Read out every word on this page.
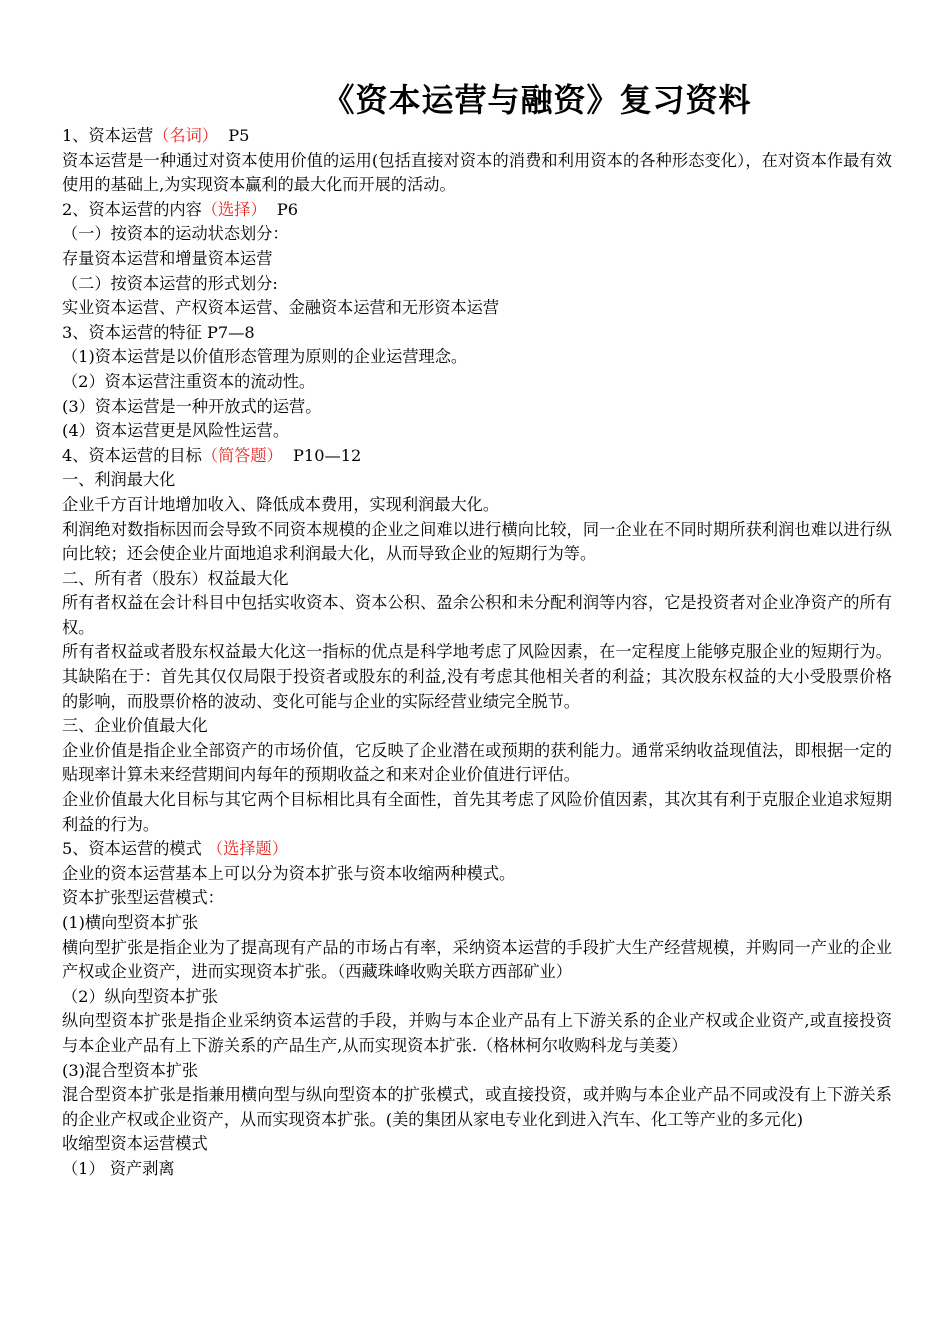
《资本运营与融资》复习资料

1、资本运营（名词）  P5

资本运营是一种通过对资本使用价值的运用(包括直接对资本的消费和利用资本的各种形态变化），在对资本作最有效使用的基础上,为实现资本赢利的最大化而开展的活动。

2、资本运营的内容（选择）  P6

（一）按资本的运动状态划分：

存量资本运营和增量资本运营

（二）按资本运营的形式划分:

实业资本运营、产权资本运营、金融资本运营和无形资本运营

3、资本运营的特征 P7—8

（1)资本运营是以价值形态管理为原则的企业运营理念。

（2）资本运营注重资本的流动性。

(3）资本运营是一种开放式的运营。

(4）资本运营更是风险性运营。

4、资本运营的目标（简答题）  P10—12

一、利润最大化

企业千方百计地增加收入、降低成本费用，实现利润最大化。

利润绝对数指标因而会导致不同资本规模的企业之间难以进行横向比较，同一企业在不同时期所获利润也难以进行纵向比较；还会使企业片面地追求利润最大化，从而导致企业的短期行为等。

二、所有者（股东）权益最大化

所有者权益在会计科目中包括实收资本、资本公积、盈余公积和未分配利润等内容，它是投资者对企业净资产的所有权。

所有者权益或者股东权益最大化这一指标的优点是科学地考虑了风险因素，在一定程度上能够克服企业的短期行为。其缺陷在于：首先其仅仅局限于投资者或股东的利益,没有考虑其他相关者的利益；其次股东权益的大小受股票价格的影响，而股票价格的波动、变化可能与企业的实际经营业绩完全脱节。

三、企业价值最大化

企业价值是指企业全部资产的市场价值，它反映了企业潜在或预期的获利能力。通常采纳收益现值法，即根据一定的贴现率计算未来经营期间内每年的预期收益之和来对企业价值进行评估。

企业价值最大化目标与其它两个目标相比具有全面性，首先其考虑了风险价值因素，其次其有利于克服企业追求短期利益的行为。

5、资本运营的模式 （选择题）

企业的资本运营基本上可以分为资本扩张与资本收缩两种模式。

资本扩张型运营模式：

(1)横向型资本扩张

横向型扩张是指企业为了提高现有产品的市场占有率，采纳资本运营的手段扩大生产经营规模，并购同一产业的企业产权或企业资产，进而实现资本扩张。（西藏珠峰收购关联方西部矿业）

（2）纵向型资本扩张

纵向型资本扩张是指企业采纳资本运营的手段，并购与本企业产品有上下游关系的企业产权或企业资产,或直接投资与本企业产品有上下游关系的产品生产,从而实现资本扩张.（格林柯尔收购科龙与美菱）

(3)混合型资本扩张

混合型资本扩张是指兼用横向型与纵向型资本的扩张模式，或直接投资，或并购与本企业产品不同或没有上下游关系的企业产权或企业资产，从而实现资本扩张。(美的集团从家电专业化到进入汽车、化工等产业的多元化)

收缩型资本运营模式

（1） 资产剥离
